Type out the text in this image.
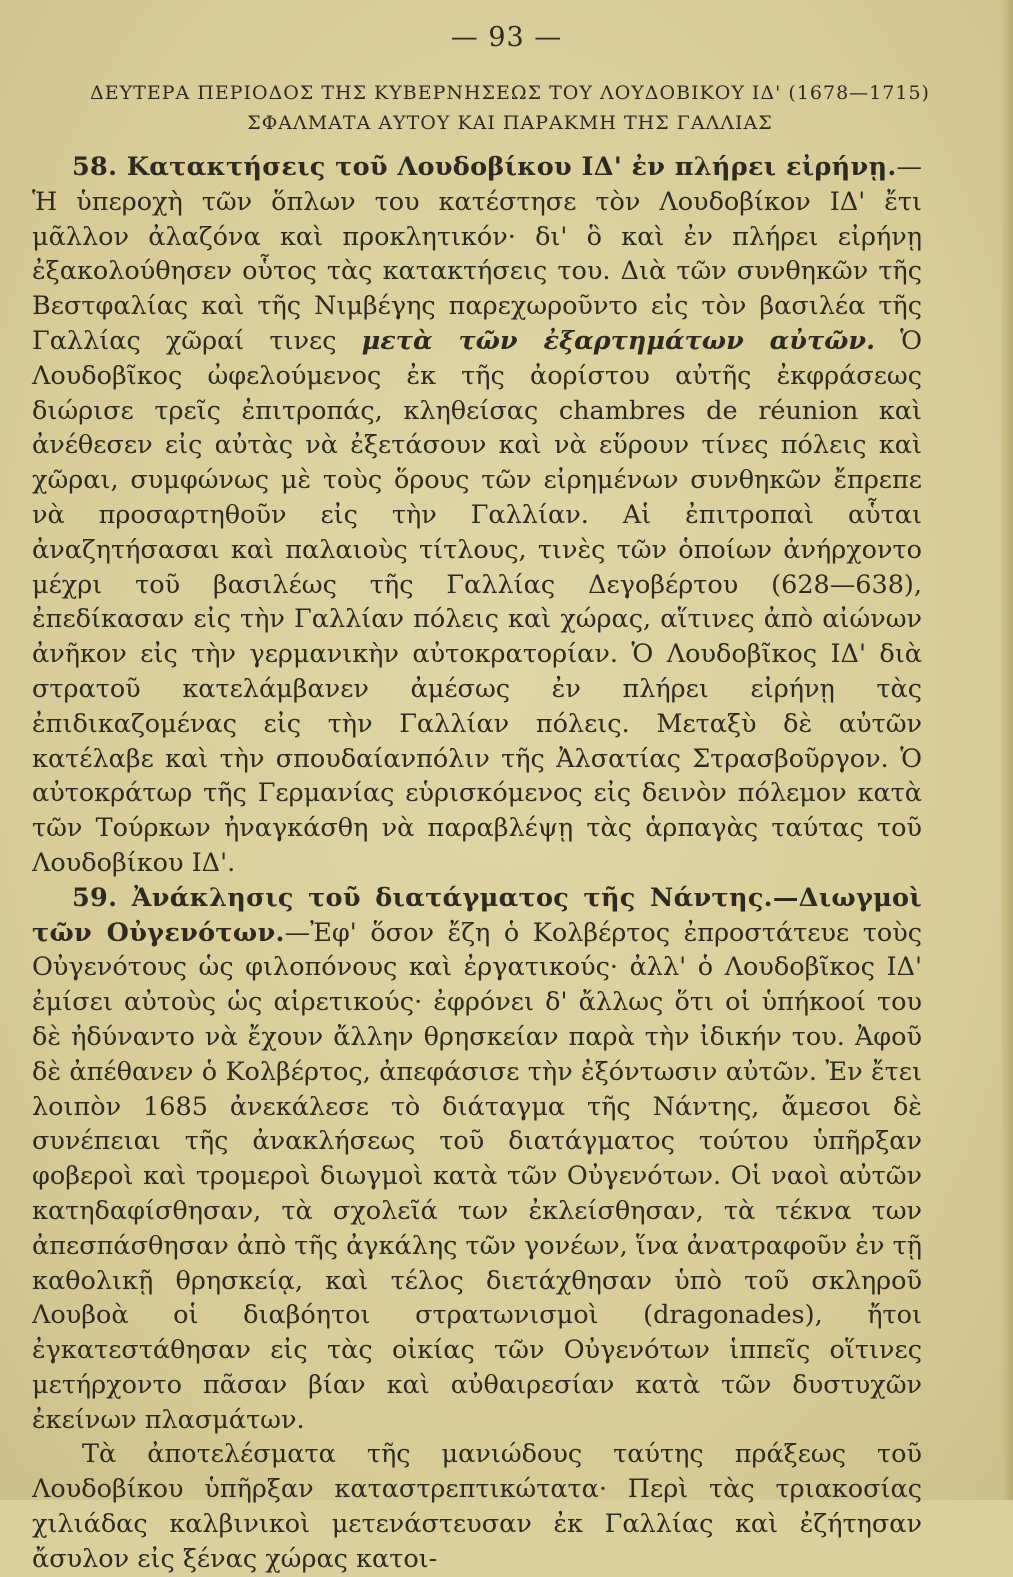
— 93 —
ΔΕΥΤΕΡΑ ΠΕΡΙΟΔΟΣ ΤΗΣ ΚΥΒΕΡΝΗΣΕΩΣ ΤΟΥ ΛΟΥΔΟΒΙΚΟΥ ΙΔ' (1678—1715)
ΣΦΑΛΜΑΤΑ ΑΥΤΟΥ ΚΑΙ ΠΑΡΑΚΜΗ ΤΗΣ ΓΑΛΛΙΑΣ

58. Κατακτήσεις τοῦ Λουδοβίκου ΙΔ' ἐν πλήρει εἰρήνῃ.— Ἡ ὑπεροχὴ τῶν ὅπλων του κατέστησε τὸν Λουδοβίκον ΙΔ' ἔτι μᾶλλον ἀλαζόνα καὶ προκλητικόν· δι' ὃ καὶ ἐν πλήρει εἰρήνῃ ἐξακολούθησεν οὗτος τὰς κατακτήσεις του. Διὰ τῶν συνθηκῶν τῆς Βεστφαλίας καὶ τῆς Νιμβέγης παρεχωροῦντο εἰς τὸν βασιλέα τῆς Γαλλίας χῶραί τινες μετὰ τῶν ἐξαρτημάτων αὐτῶν. Ὁ Λουδοβῖκος ὠφελούμενος ἐκ τῆς ἀορίστου αὐτῆς ἐκφράσεως διώρισε τρεῖς ἐπιτροπάς, κληθείσας chambres de réunion καὶ ἀνέθεσεν εἰς αὐτὰς νὰ ἐξετάσουν καὶ νὰ εὕρουν τίνες πόλεις καὶ χῶραι, συμφώνως μὲ τοὺς ὅρους τῶν εἰρημένων συνθηκῶν ἔπρεπε νὰ προσαρτηθοῦν εἰς τὴν Γαλλίαν. Αἱ ἐπιτροπαὶ αὗται ἀναζητήσασαι καὶ παλαιοὺς τίτλους, τινὲς τῶν ὁποίων ἀνήρχοντο μέχρι τοῦ βασιλέως τῆς Γαλλίας Δεγοβέρτου (628—638), ἐπεδίκασαν εἰς τὴν Γαλλίαν πόλεις καὶ χώρας, αἵτινες ἀπὸ αἰώνων ἀνῆκον εἰς τὴν γερμανικὴν αὐτοκρατορίαν. Ὁ Λουδοβῖκος ΙΔ' διὰ στρατοῦ κατελάμβανεν ἀμέσως ἐν πλήρει εἰρήνῃ τὰς ἐπιδικαζομένας εἰς τὴν Γαλλίαν πόλεις. Μεταξὺ δὲ αὐτῶν κατέλαβε καὶ τὴν σπουδαίανπόλιν τῆς Ἀλσατίας Στρασβοῦργον. Ὁ αὐτοκράτωρ τῆς Γερμανίας εὑρισκόμενος εἰς δεινὸν πόλεμον κατὰ τῶν Τούρκων ἠναγκάσθη νὰ παραβλέψῃ τὰς ἁρπαγὰς ταύτας τοῦ Λουδοβίκου ΙΔ'.

59. Ἀνάκλησις τοῦ διατάγματος τῆς Νάντης.—Διωγμοὶ τῶν Οὐγενότων.—Ἐφ' ὅσον ἔζη ὁ Κολβέρτος ἐπροστάτευε τοὺς Οὐγενότους ὡς φιλοπόνους καὶ ἐργατικούς· ἀλλ' ὁ Λουδοβῖκος ΙΔ' ἐμίσει αὐτοὺς ὡς αἱρετικούς· ἐφρόνει δ' ἄλλως ὅτι οἱ ὑπήκοοί του δὲ ἠδύναντο νὰ ἔχουν ἄλλην θρησκείαν παρὰ τὴν ἰδικήν του. Ἀφοῦ δὲ ἀπέθανεν ὁ Κολβέρτος, ἀπεφάσισε τὴν ἐξόντωσιν αὐτῶν. Ἐν ἔτει λοιπὸν 1685 ἀνεκάλεσε τὸ διάταγμα τῆς Νάντης, ἄμεσοι δὲ συνέπειαι τῆς ἀνακλήσεως τοῦ διατάγματος τούτου ὑπῆρξαν φοβεροὶ καὶ τρομεροὶ διωγμοὶ κατὰ τῶν Οὐγενότων. Οἱ ναοὶ αὐτῶν κατηδαφίσθησαν, τὰ σχολεῖά των ἐκλείσθησαν, τὰ τέκνα των ἀπεσπάσθησαν ἀπὸ τῆς ἀγκάλης τῶν γονέων, ἵνα ἀνατραφοῦν ἐν τῇ καθολικῇ θρησκείᾳ, καὶ τέλος διετάχθησαν ὑπὸ τοῦ σκληροῦ Λουβοὰ οἱ διαβόητοι στρατωνισμοὶ (dragonades), ἤτοι ἐγκατεστάθησαν εἰς τὰς οἰκίας τῶν Οὐγενότων ἱππεῖς οἵτινες μετήρχοντο πᾶσαν βίαν καὶ αὐθαιρεσίαν κατὰ τῶν δυστυχῶν ἐκείνων πλασμάτων.

Τὰ ἀποτελέσματα τῆς μανιώδους ταύτης πράξεως τοῦ Λουδοβίκου ὑπῆρξαν καταστρεπτικώτατα· Περὶ τὰς τριακοσίας χιλιάδας καλβινικοὶ μετενάστευσαν ἐκ Γαλλίας καὶ ἐζήτησαν ἄσυλον εἰς ξένας χώρας κατοι-
